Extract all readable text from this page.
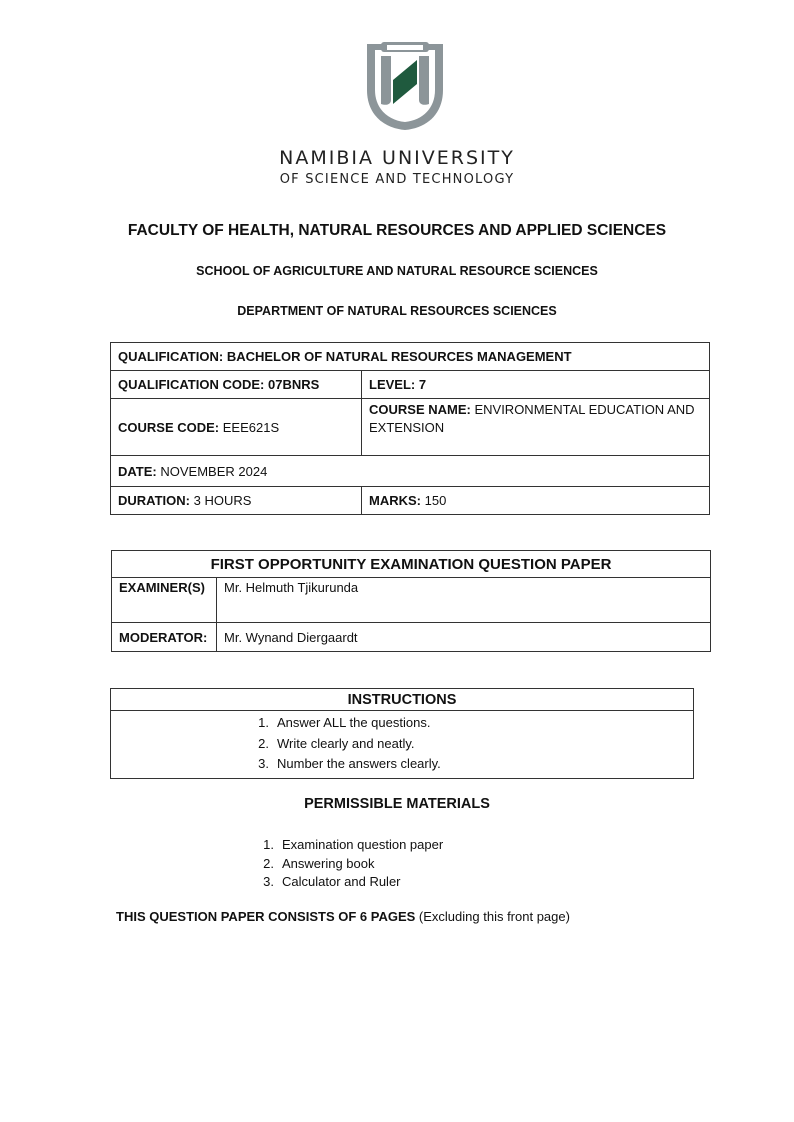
NAMIBIA UNIVERSITY
OF SCIENCE AND TECHNOLOGY
FACULTY OF HEALTH, NATURAL RESOURCES AND APPLIED SCIENCES
SCHOOL OF AGRICULTURE AND NATURAL RESOURCE SCIENCES
DEPARTMENT OF NATURAL RESOURCES SCIENCES
QUALIFICATION: BACHELOR OF NATURAL RESOURCES MANAGEMENT	
QUALIFICATION CODE: 07BNRS	LEVEL: 7
COURSE CODE: EEE621S	COURSE NAME: ENVIRONMENTAL EDUCATION AND EXTENSION
DATE: NOVEMBER 2024	
DURATION: 3 HOURS	MARKS: 150
FIRST OPPORTUNITY EXAMINATION QUESTION PAPER	
EXAMINER(S)	Mr. Helmuth Tjikurunda
MODERATOR:	Mr. Wynand Diergaardt
INSTRUCTIONS

1. Answer ALL the questions.
2. Write clearly and neatly.
3. Number the answers clearly.
PERMISSIBLE MATERIALS
1. Examination question paper
2. Answering book
3. Calculator and Ruler
THIS QUESTION PAPER CONSISTS OF 6 PAGES (Excluding this front page)
